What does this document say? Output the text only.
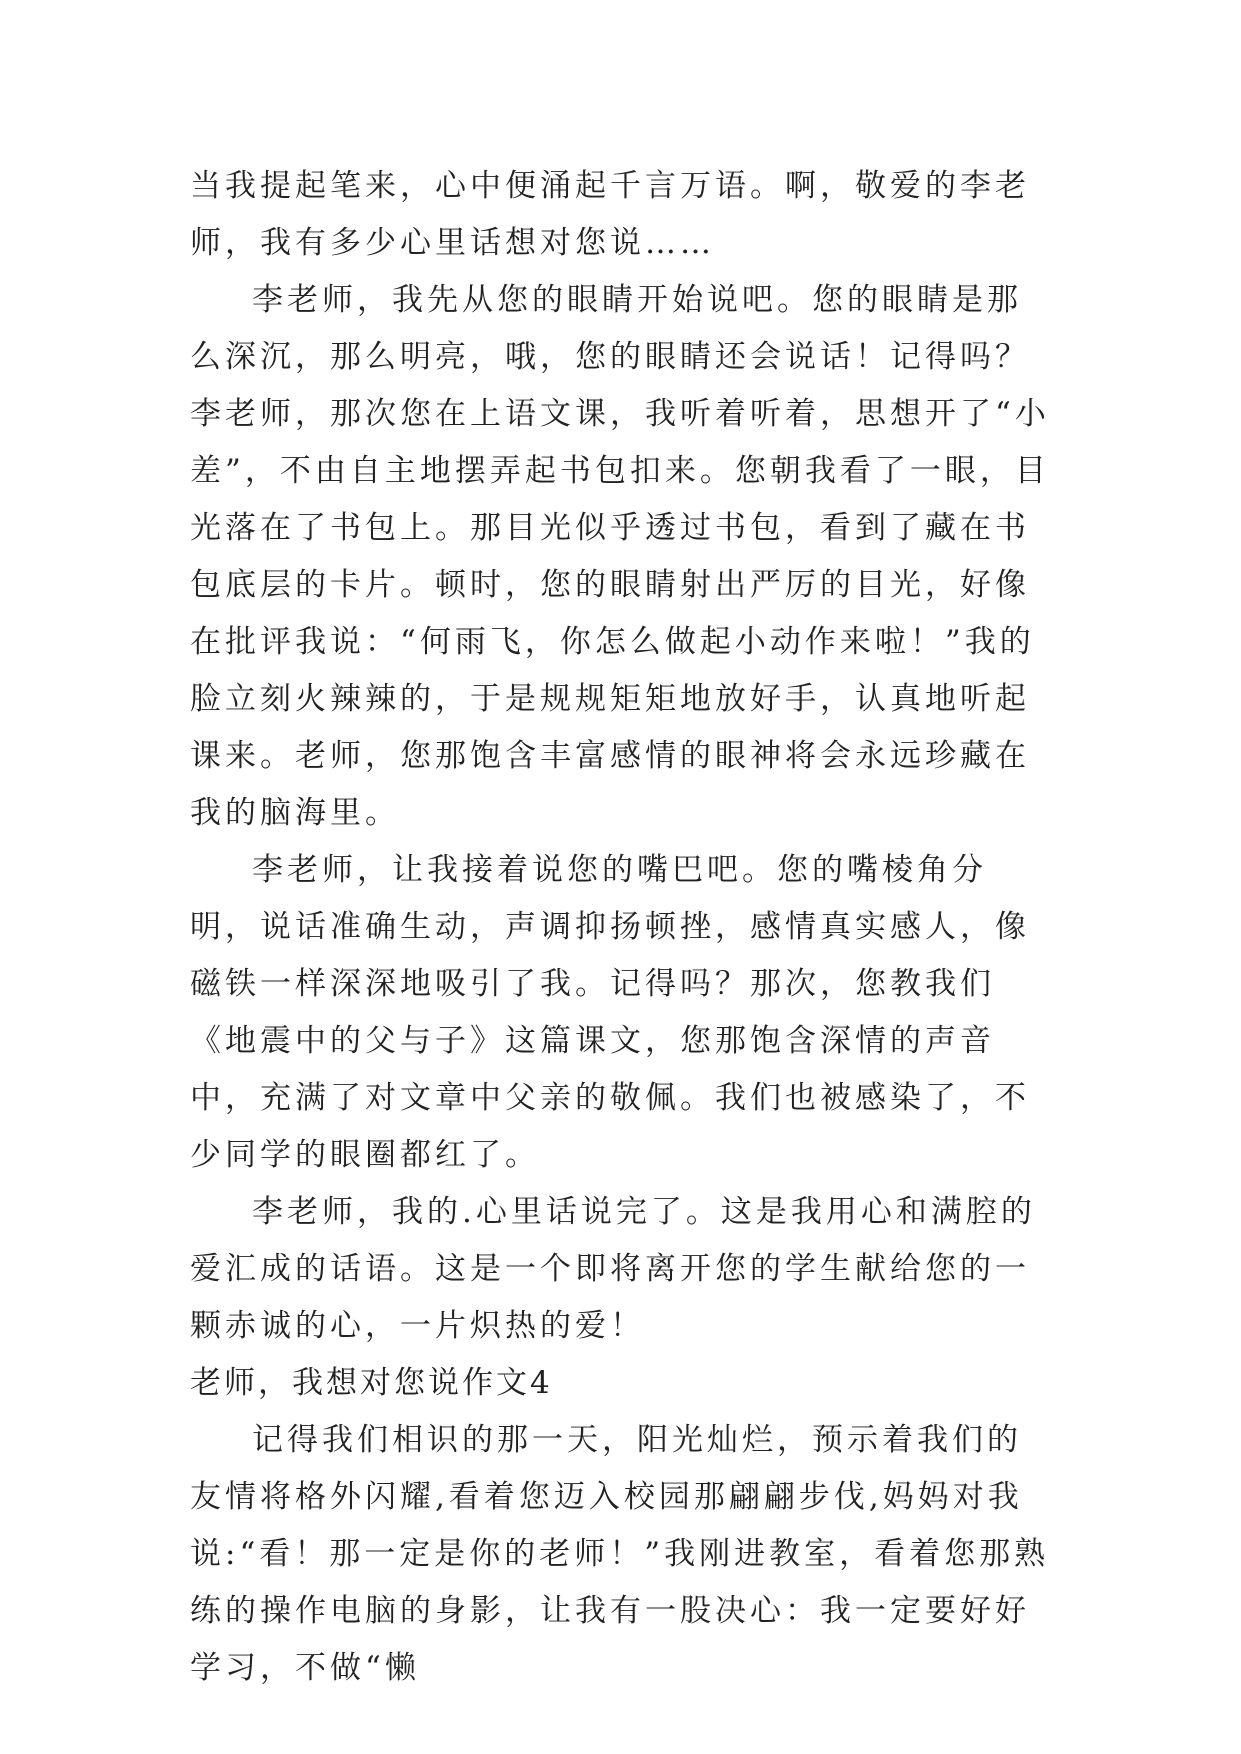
当我提起笔来，心中便涌起千言万语。啊，敬爱的李老师，我有多少心里话想对您说……

李老师，我先从您的眼睛开始说吧。您的眼睛是那么深沉，那么明亮，哦，您的眼睛还会说话！记得吗？李老师，那次您在上语文课，我听着听着，思想开了“小差”，不由自主地摆弄起书包扣来。您朝我看了一眼，目光落在了书包上。那目光似乎透过书包，看到了藏在书包底层的卡片。顿时，您的眼睛射出严厉的目光，好像在批评我说：“何雨飞，你怎么做起小动作来啦！”我的脸立刻火辣辣的，于是规规矩矩地放好手，认真地听起课来。老师，您那饱含丰富感情的眼神将会永远珍藏在我的脑海里。

李老师，让我接着说您的嘴巴吧。您的嘴棱角分明，说话准确生动，声调抑扬顿挫，感情真实感人，像磁铁一样深深地吸引了我。记得吗？那次，您教我们《地震中的父与子》这篇课文，您那饱含深情的声音中，充满了对文章中父亲的敬佩。我们也被感染了，不少同学的眼圈都红了。

李老师，我的.心里话说完了。这是我用心和满腔的爱汇成的话语。这是一个即将离开您的学生献给您的一颗赤诚的心，一片炽热的爱！

老师，我想对您说作文4

记得我们相识的那一天，阳光灿烂，预示着我们的友情将格外闪耀,看着您迈入校园那翩翩步伐,妈妈对我说:“看！那一定是你的老师！”我刚进教室，看着您那熟练的操作电脑的身影，让我有一股决心：我一定要好好学习，不做“懒
